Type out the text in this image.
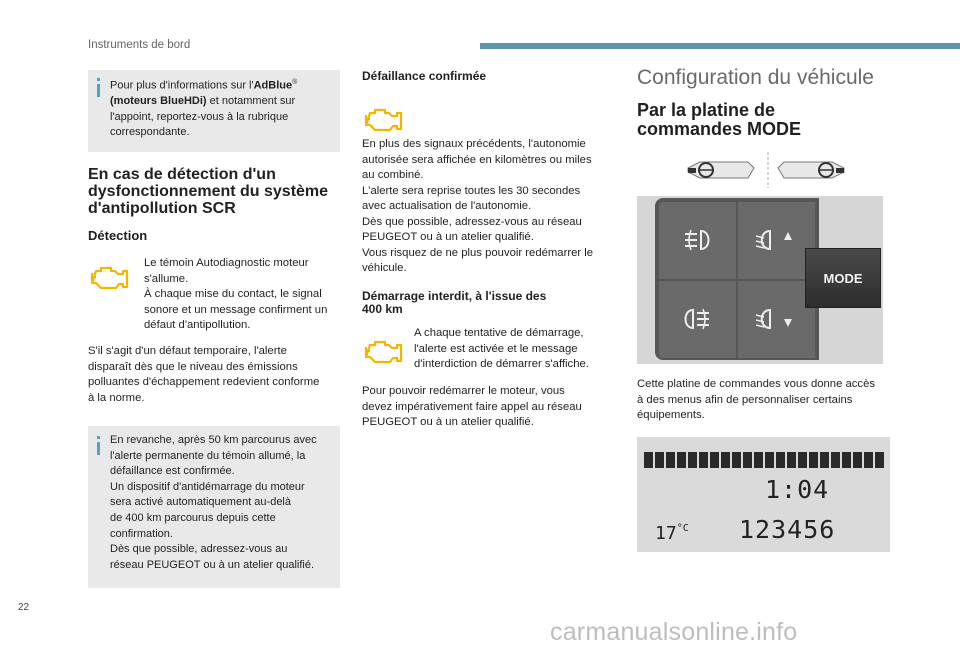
Instruments de bord
Pour plus d'informations sur l'AdBlue®
(moteurs BlueHDi) et notamment sur
l'appoint, reportez-vous à la rubrique
correspondante.
En cas de détection d'un
dysfonctionnement du système
d'antipollution SCR
Détection
Le témoin Autodiagnostic moteur
s'allume.
À chaque mise du contact, le signal
sonore et un message confirment un
défaut d'antipollution.
S'il s'agit d'un défaut temporaire, l'alerte
disparaît dès que le niveau des émissions
polluantes d'échappement redevient conforme
à la norme.
En revanche, après 50 km parcourus avec
l'alerte permanente du témoin allumé, la
défaillance est confirmée.
Un dispositif d'antidémarrage du moteur
sera activé automatiquement au-delà
de 400 km parcourus depuis cette
confirmation.
Dès que possible, adressez-vous au
réseau PEUGEOT ou à un atelier qualifié.
Défaillance confirmée
En plus des signaux précédents, l'autonomie
autorisée sera affichée en kilomètres ou miles
au combiné.
L'alerte sera reprise toutes les 30 secondes
avec actualisation de l'autonomie.
Dès que possible, adressez-vous au réseau
PEUGEOT ou à un atelier qualifié.
Vous risquez de ne plus pouvoir redémarrer le
véhicule.
Démarrage interdit, à l'issue des
400 km
A chaque tentative de démarrage,
l'alerte est activée et le message
d'interdiction de démarrer s'affiche.
Pour pouvoir redémarrer le moteur, vous
devez impérativement faire appel au réseau
PEUGEOT ou à un atelier qualifié.
Configuration du véhicule
Par la platine de
commandes MODE
MODE
Cette platine de commandes vous donne accès
à des menus afin de personnaliser certains
équipements.
1:04
$17^{^\circ C}$ 123456
22
carmanualsonline.info
